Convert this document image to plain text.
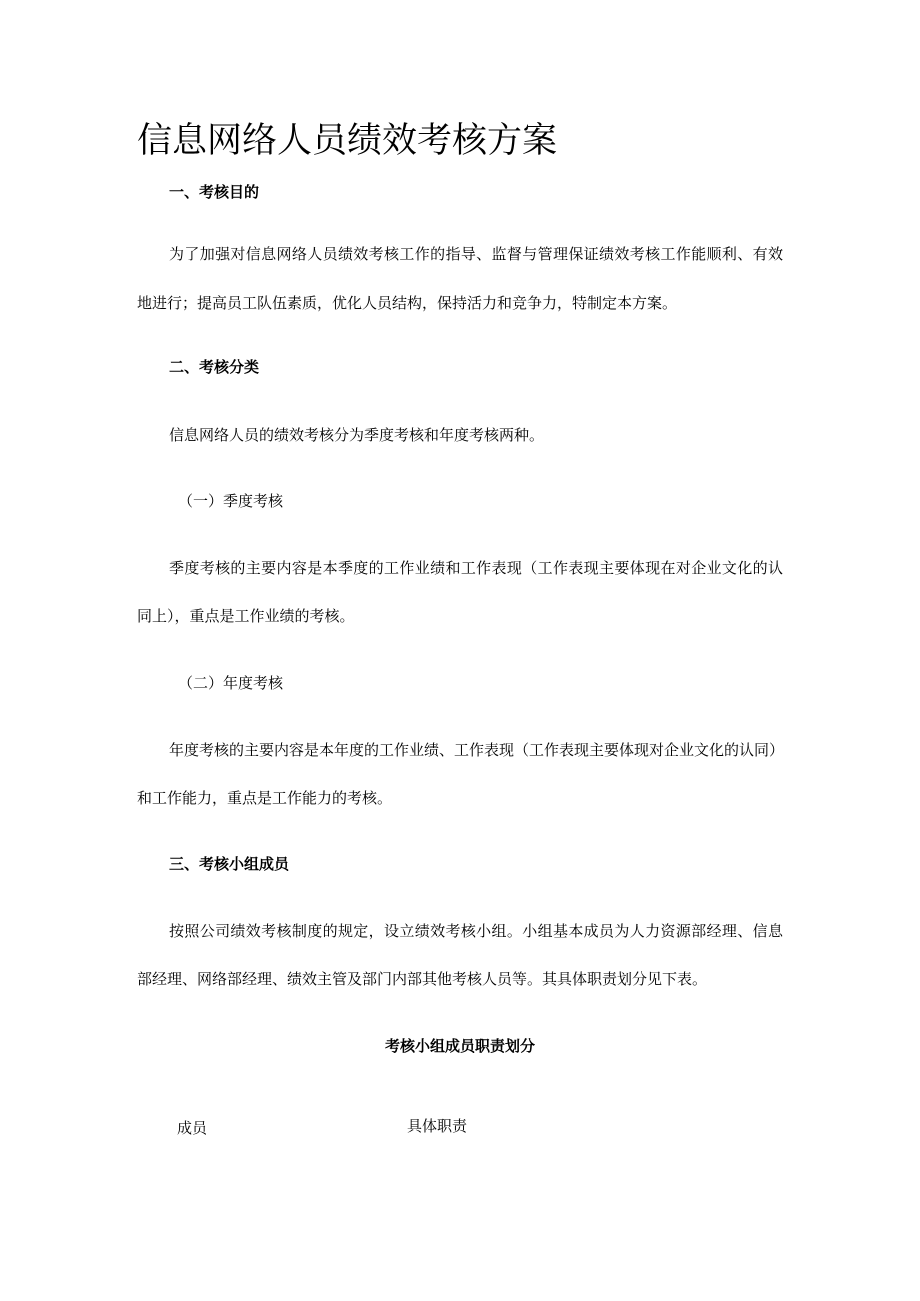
信息网络人员绩效考核方案
一、考核目的
为了加强对信息网络人员绩效考核工作的指导、监督与管理保证绩效考核工作能顺利、有效
地进行；提高员工队伍素质，优化人员结构，保持活力和竞争力，特制定本方案。
二、考核分类
信息网络人员的绩效考核分为季度考核和年度考核两种。
（一）季度考核
季度考核的主要内容是本季度的工作业绩和工作表现（工作表现主要体现在对企业文化的认
同上），重点是工作业绩的考核。
（二）年度考核
年度考核的主要内容是本年度的工作业绩、工作表现（工作表现主要体现对企业文化的认同）
和工作能力，重点是工作能力的考核。
三、考核小组成员
按照公司绩效考核制度的规定，设立绩效考核小组。小组基本成员为人力资源部经理、信息
部经理、网络部经理、绩效主管及部门内部其他考核人员等。其具体职责划分见下表。
考核小组成员职责划分
成员	具体职责
